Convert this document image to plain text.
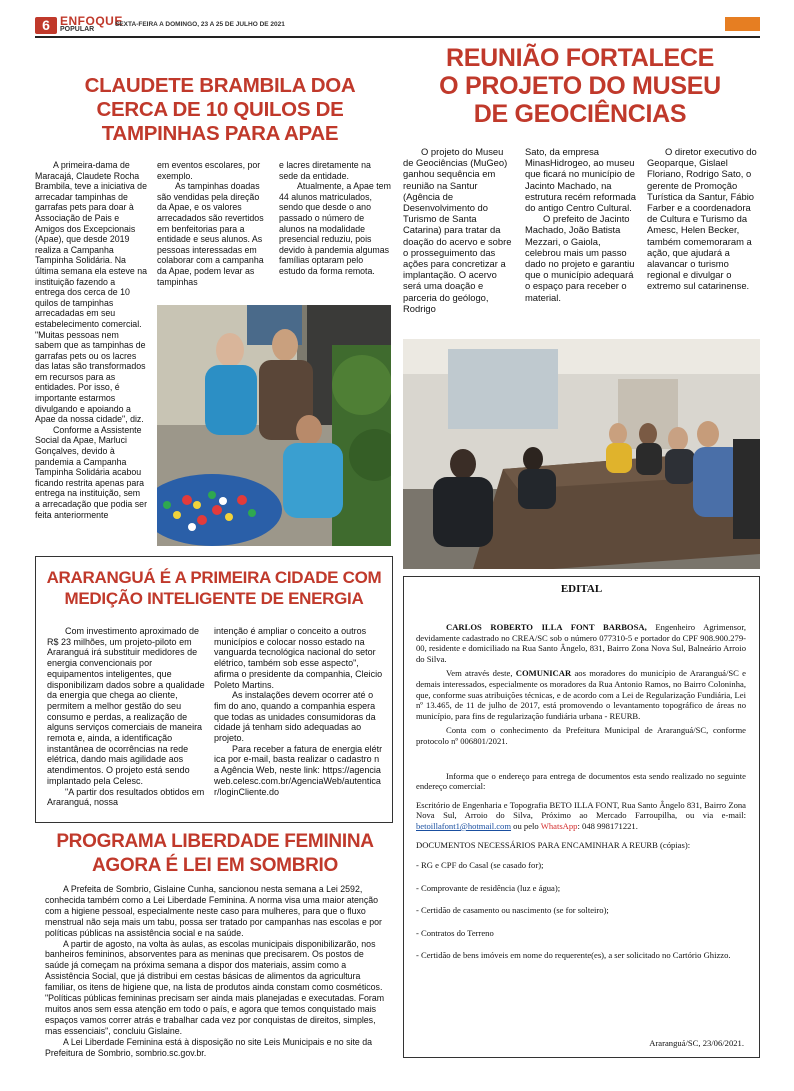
6 ENFOQUE
POPULAR
SEXTA-FEIRA A DOMINGO, 23 A 25 DE JULHO DE 2021
CLAUDETE BRAMBILA DOA
CERCA DE 10 QUILOS DE
TAMPINHAS PARA APAE

A primeira-dama de Maracajá, Claudete Rocha Brambila, teve a iniciativa de arrecadar tampinhas de garrafas pets para doar à Associação de Pais e Amigos dos Excepcionais (Apae), que desde 2019 realiza a Campanha Tampinha Solidária. Na última semana ela esteve na instituição fazendo a entrega dos cerca de 10 quilos de tampinhas arrecadadas em seu estabelecimento comercial. "Muitas pessoas nem sabem que as tampinhas de garrafas pets ou os lacres das latas são transformados em recursos para as entidades. Por isso, é importante estarmos divulgando e apoiando a Apae da nossa cidade", diz.

Conforme a Assistente Social da Apae, Marluci Gonçalves, devido à pandemia a Campanha Tampinha Solidária acabou ficando restrita apenas para entrega na instituição, sem a arrecadação que podia ser feita anteriormente

em eventos escolares, por exemplo.

As tampinhas doadas são vendidas pela direção da Apae, e os valores arrecadados são revertidos em benfeitorias para a entidade e seus alunos. As pessoas interessadas em colaborar com a campanha da Apae, podem levar as tampinhas

e lacres diretamente na sede da entidade.

Atualmente, a Apae tem 44 alunos matriculados, sendo que desde o ano passado o número de alunos na modalidade presencial reduziu, pois devido à pandemia algumas famílias optaram pelo estudo da forma remota.

REUNIÃO FORTALECE
O PROJETO DO MUSEU
DE GEOCIÊNCIAS

O projeto do Museu de Geociências (MuGeo) ganhou sequência em reunião na Santur (Agência de Desenvolvimento do Turismo de Santa Catarina) para tratar da doação do acervo e sobre o prosseguimento das ações para concretizar a implantação. O acervo será uma doação e parceria do geólogo, Rodrigo

Sato, da empresa MinasHidrogeo, ao museu que ficará no município de Jacinto Machado, na estrutura recém reformada do antigo Centro Cultural.

O prefeito de Jacinto Machado, João Batista Mezzari, o Gaiola, celebrou mais um passo dado no projeto e garantiu que o município adequará o espaço para receber o material.

O diretor executivo do Geoparque, Gislael Floriano, Rodrigo Sato, o gerente de Promoção Turística da Santur, Fábio Farber e a coordenadora de Cultura e Turismo da Amesc, Helen Becker, também comemoraram a ação, que ajudará a alavancar o turismo regional e divulgar o extremo sul catarinense.

ARARANGUÁ É A PRIMEIRA CIDADE COM
MEDIÇÃO INTELIGENTE DE ENERGIA

Com investimento aproximado de R$ 23 milhões, um projeto-piloto em Araranguá irá substituir medidores de energia convencionais por equipamentos inteligentes, que disponibilizam dados sobre a qualidade da energia que chega ao cliente, permitem a melhor gestão do seu consumo e perdas, a realização de alguns serviços comerciais de maneira remota e, ainda, a identificação instantânea de ocorrências na rede elétrica, dando mais agilidade aos atendimentos. O projeto está sendo implantado pela Celesc.

"A partir dos resultados obtidos em Araranguá, nossa

intenção é ampliar o conceito a outros municípios e colocar nosso estado na vanguarda tecnológica nacional do setor elétrico, também sob esse aspecto", afirma o presidente da companhia, Cleicio Poleto Martins.

As instalações devem ocorrer até o fim do ano, quando a companhia espera que todas as unidades consumidoras da cidade já tenham sido adequadas ao projeto.

Para receber a fatura de energia elétrica por e-mail, basta realizar o cadastro na Agência Web, neste link: https://agenciaweb.celesc.com.br/AgenciaWeb/autenticar/loginCliente.do

PROGRAMA LIBERDADE FEMININA
AGORA É LEI EM SOMBRIO

A Prefeita de Sombrio, Gislaine Cunha, sancionou nesta semana a Lei 2592, conhecida também como a Lei Liberdade Feminina. A norma visa uma maior atenção com a higiene pessoal, especialmente neste caso para mulheres, para que o fluxo menstrual não seja mais um tabu, possa ser tratado por campanhas nas escolas e por políticas públicas na assistência social e na saúde.

A partir de agosto, na volta às aulas, as escolas municipais disponibilizarão, nos banheiros femininos, absorventes para as meninas que precisarem. Os postos de saúde já começam na próxima semana a dispor dos materiais, assim como a Assistência Social, que já distribui em cestas básicas de alimentos da agricultura familiar, os itens de higiene que, na lista de produtos ainda constam como cosméticos. "Políticas públicas femininas precisam ser ainda mais planejadas e executadas. Foram muitos anos sem essa atenção em todo o país, e agora que temos conquistado mais espaços vamos correr atrás e trabalhar cada vez por conquistas de direitos, simples, mas essenciais", concluiu Gislaine.

A Lei Liberdade Feminina está à disposição no site Leis Municipais e no site da Prefeitura de Sombrio, sombrio.sc.gov.br.

EDITAL

CARLOS ROBERTO ILLA FONT BARBOSA, Engenheiro Agrimensor, devidamente cadastrado no CREA/SC sob o número 077310-5 e portador do CPF 908.900.279-00, residente e domiciliado na Rua Santo Ângelo, 831, Bairro Zona Nova Sul, Balneário Arroio do Silva.

Vem através deste, COMUNICAR aos moradores do município de Araranguá/SC e demais interessados, especialmente os moradores da Rua Antonio Ramos, no Bairro Coloninha, que, conforme suas atribuições técnicas, e de acordo com a Lei de Regularização Fundiária, Lei nº 13.465, de 11 de julho de 2017, está promovendo o levantamento topográfico de áreas no município, para fins de regularização fundiária urbana - REURB.

Conta com o conhecimento da Prefeitura Municipal de Araranguá/SC, conforme protocolo nº 006801/2021.

Informa que o endereço para entrega de documentos esta sendo realizado no seguinte endereço comercial:

Escritório de Engenharia e Topografia BETO ILLA FONT, Rua Santo Ângelo 831, Bairro Zona Nova Sul, Arroio do Silva, Próximo ao Mercado Farroupilha, ou via e-mail: betoillafont1@hotmail.com ou pelo WhatsApp: 048 998171221.

DOCUMENTOS NECESSÁRIOS PARA ENCAMINHAR A REURB (cópias):

- RG e CPF do Casal (se casado for);

- Comprovante de residência (luz e água);

- Certidão de casamento ou nascimento (se for solteiro);

- Contratos do Terreno

- Certidão de bens imóveis em nome do requerente(es), a ser solicitado no Cartório Ghizzo.

Araranguá/SC, 23/06/2021.
